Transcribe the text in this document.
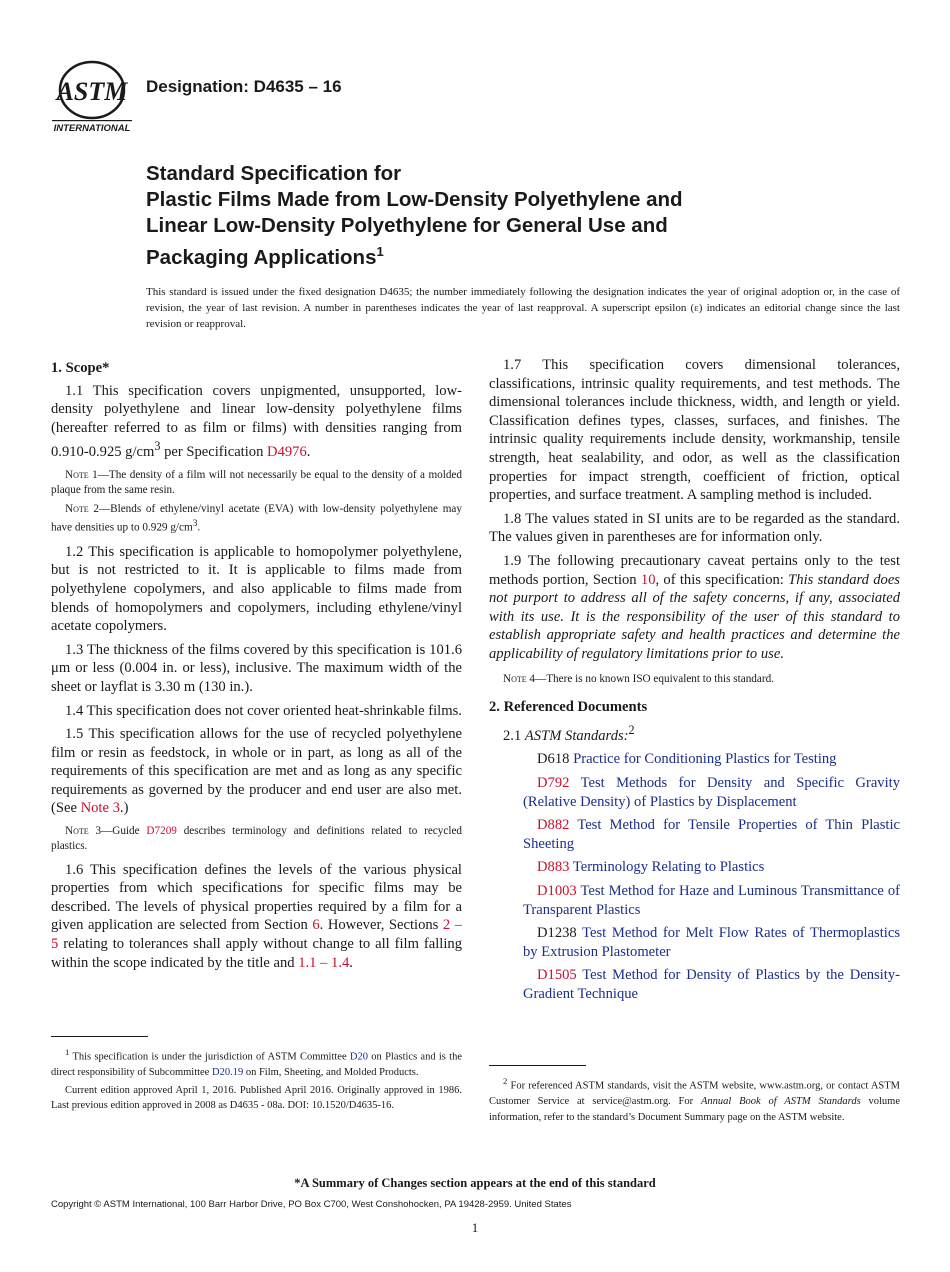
ASTM
INTERNATIONAL
Designation: D4635 – 16
Standard Specification for
Plastic Films Made from Low-Density Polyethylene and
Linear Low-Density Polyethylene for General Use and
Packaging Applications$^1$
This standard is issued under the fixed designation D4635; the number immediately following the designation indicates the year of original adoption or, in the case of revision, the year of last revision. A number in parentheses indicates the year of last reapproval. A superscript epsilon (ε) indicates an editorial change since the last revision or reapproval.
1. Scope*

1.1 This specification covers unpigmented, unsupported, low-density polyethylene and linear low-density polyethylene films (hereafter referred to as film or films) with densities ranging from 0.910-0.925 $g/cm^3$ per Specification D4976.

Note 1—The density of a film will not necessarily be equal to the density of a molded plaque from the same resin.

Note 2—Blends of ethylene/vinyl acetate (EVA) with low-density polyethylene may have densities up to 0.929 $g/cm^3$.

1.2 This specification is applicable to homopolymer polyethylene, but is not restricted to it. It is applicable to films made from polyethylene copolymers, and also applicable to films made from blends of homopolymers and copolymers, including ethylene/vinyl acetate copolymers.

1.3 The thickness of the films covered by this specification is 101.6 μm or less (0.004 in. or less), inclusive. The maximum width of the sheet or layflat is 3.30 m (130 in.).

1.4 This specification does not cover oriented heat-shrinkable films.

1.5 This specification allows for the use of recycled polyethylene film or resin as feedstock, in whole or in part, as long as all of the requirements of this specification are met and as long as any specific requirements as governed by the producer and end user are also met. (See Note 3.)

Note 3—Guide D7209 describes terminology and definitions related to recycled plastics.

1.6 This specification defines the levels of the various physical properties from which specifications for specific films may be described. The levels of physical properties required by a film for a given application are selected from Section 6. However, Sections 2 – 5 relating to tolerances shall apply without change to all film falling within the scope indicated by the title and 1.1 – 1.4.

$^1$ This specification is under the jurisdiction of ASTM Committee D20 on Plastics and is the direct responsibility of Subcommittee D20.19 on Film, Sheeting, and Molded Products.

Current edition approved April 1, 2016. Published April 2016. Originally approved in 1986. Last previous edition approved in 2008 as D4635 - 08a. DOI: 10.1520/D4635-16.

1.7 This specification covers dimensional tolerances, classifications, intrinsic quality requirements, and test methods. The dimensional tolerances include thickness, width, and length or yield. Classification defines types, classes, surfaces, and finishes. The intrinsic quality requirements include density, workmanship, tensile strength, heat sealability, and odor, as well as the classification properties for impact strength, coefficient of friction, optical properties, and surface treatment. A sampling method is included.

1.8 The values stated in SI units are to be regarded as the standard. The values given in parentheses are for information only.

1.9 The following precautionary caveat pertains only to the test methods portion, Section 10, of this specification: This standard does not purport to address all of the safety concerns, if any, associated with its use. It is the responsibility of the user of this standard to establish appropriate safety and health practices and determine the applicability of regulatory limitations prior to use.

Note 4—There is no known ISO equivalent to this standard.

2. Referenced Documents

2.1 ASTM Standards:$^2$

D618 Practice for Conditioning Plastics for Testing

D792 Test Methods for Density and Specific Gravity (Relative Density) of Plastics by Displacement

D882 Test Method for Tensile Properties of Thin Plastic Sheeting

D883 Terminology Relating to Plastics

D1003 Test Method for Haze and Luminous Transmittance of Transparent Plastics

D1238 Test Method for Melt Flow Rates of Thermoplastics by Extrusion Plastometer

D1505 Test Method for Density of Plastics by the Density-Gradient Technique

$^2$ For referenced ASTM standards, visit the ASTM website, www.astm.org, or contact ASTM Customer Service at service@astm.org. For Annual Book of ASTM Standards volume information, refer to the standard’s Document Summary page on the ASTM website.

*A Summary of Changes section appears at the end of this standard
Copyright © ASTM International, 100 Barr Harbor Drive, PO Box C700, West Conshohocken, PA 19428-2959. United States
1
